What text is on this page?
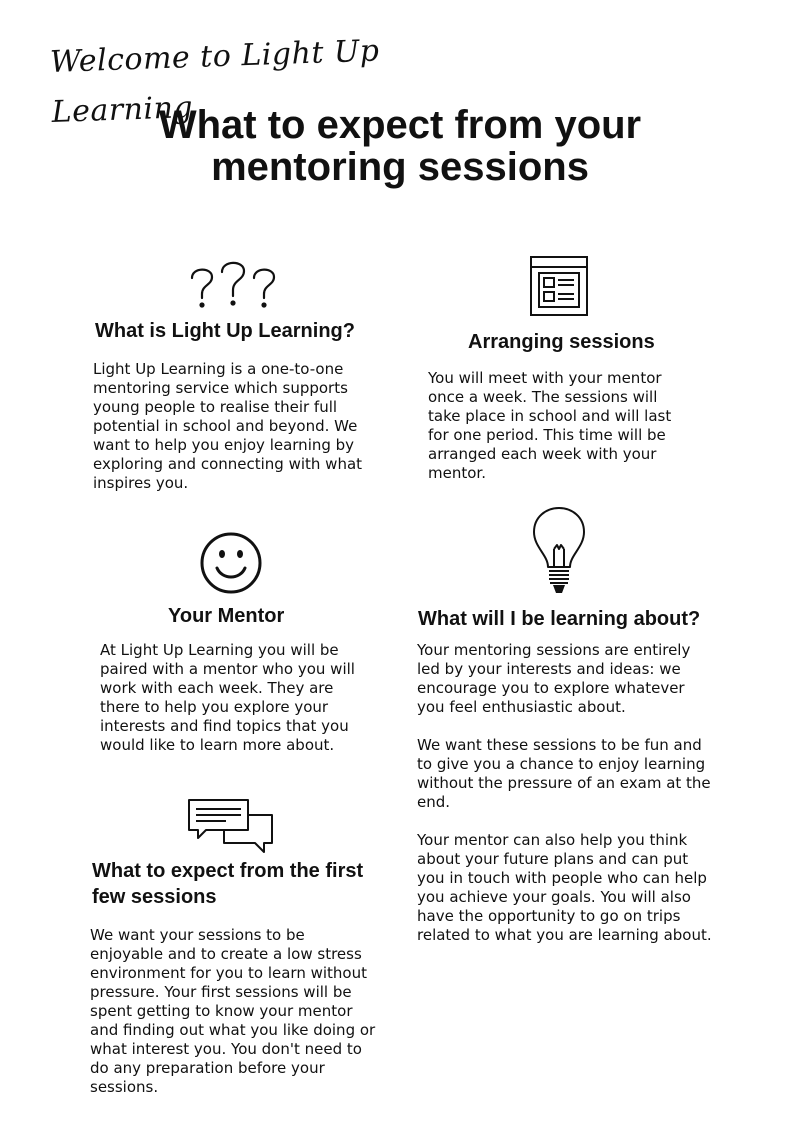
Welcome to Light Up Learning
What to expect from your
mentoring sessions
What is Light Up Learning?
Light Up Learning is a one-to-one
mentoring service which supports
young people to realise their full
potential in school and beyond. We
want to help you enjoy learning by
exploring and connecting with what
inspires you.
Arranging sessions
You will meet with your mentor
once a week. The sessions will
take place in school and will last
for one period. This time will be
arranged each week with your
mentor.
Your Mentor
At Light Up Learning you will be
paired with a mentor who you will
work with each week. They are
there to help you explore your
interests and find topics that you
would like to learn more about.
What will I be learning about?
Your mentoring sessions are entirely
led by your interests and ideas: we
encourage you to explore whatever
you feel enthusiastic about.
We want these sessions to be fun and
to give you a chance to enjoy learning
without the pressure of an exam at the
end.
Your mentor can also help you think
about your future plans and can put
you in touch with people who can help
you achieve your goals. You will also
have the opportunity to go on trips
related to what you are learning about.
What to expect from the first
few sessions
We want your sessions to be
enjoyable and to create a low stress
environment for you to learn without
pressure. Your first sessions will be
spent getting to know your mentor
and finding out what you like doing or
what interest you. You don't need to
do any preparation before your
sessions.
